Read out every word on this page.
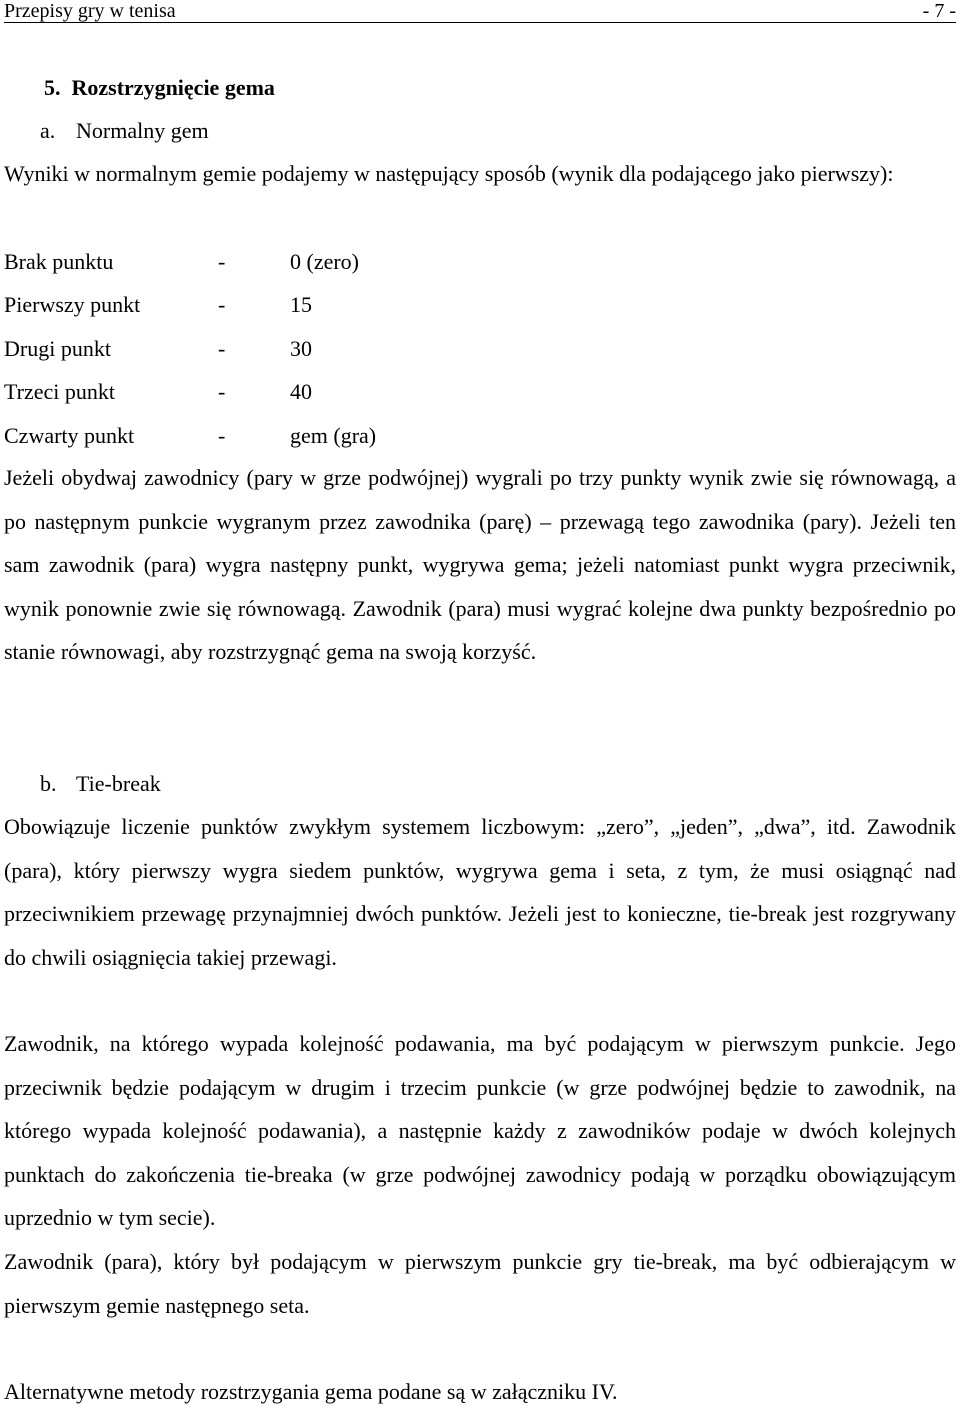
Przepisy gry w tenisa	- 7 -
5. Rozstrzygnięcie gema
a. Normalny gem
Wyniki w normalnym gemie podajemy w następujący sposób (wynik dla podającego jako pierwszy):
Brak punktu	-	0 (zero)
Pierwszy punkt	-	15
Drugi punkt	-	30
Trzeci punkt	-	40
Czwarty punkt	-	gem (gra)
Jeżeli obydwaj zawodnicy (pary w grze podwójnej) wygrali po trzy punkty wynik zwie się równowagą, a po następnym punkcie wygranym przez zawodnika (parę) – przewagą tego zawodnika (pary). Jeżeli ten sam zawodnik (para) wygra następny punkt, wygrywa gema; jeżeli natomiast punkt wygra przeciwnik, wynik ponownie zwie się równowagą. Zawodnik (para) musi wygrać kolejne dwa punkty bezpośrednio po stanie równowagi, aby rozstrzygnąć gema na swoją korzyść.
b. Tie-break
Obowiązuje liczenie punktów zwykłym systemem liczbowym: „zero”, „jeden”, „dwa”, itd. Zawodnik (para), który pierwszy wygra siedem punktów, wygrywa gema i seta, z tym, że musi osiągnąć nad przeciwnikiem przewagę przynajmniej dwóch punktów. Jeżeli jest to konieczne, tie-break jest rozgrywany do chwili osiągnięcia takiej przewagi.
Zawodnik, na którego wypada kolejność podawania, ma być podającym w pierwszym punkcie. Jego przeciwnik będzie podającym w drugim i trzecim punkcie (w grze podwójnej będzie to zawodnik, na którego wypada kolejność podawania), a następnie każdy z zawodników podaje w dwóch kolejnych punktach do zakończenia tie-breaka (w grze podwójnej zawodnicy podają w porządku obowiązującym uprzednio w tym secie).
Zawodnik (para), który był podającym w pierwszym punkcie gry tie-break, ma być odbierającym w pierwszym gemie następnego seta.
Alternatywne metody rozstrzygania gema podane są w załączniku IV.
